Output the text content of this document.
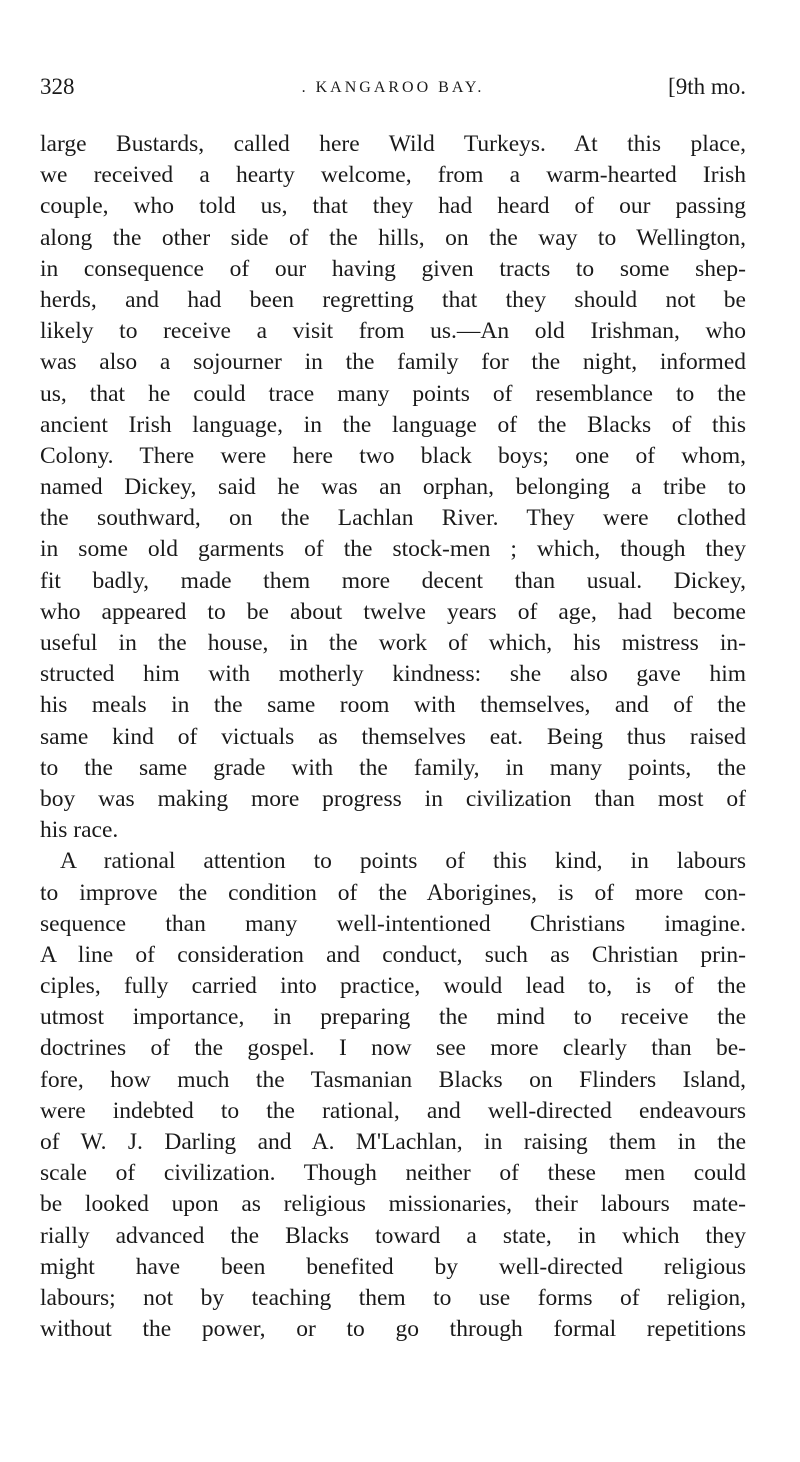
328	. KANGAROO BAY.	[9th mo.
large Bustards, called here Wild Turkeys. At this place,
we received a hearty welcome, from a warm-hearted Irish
couple, who told us, that they had heard of our passing
along the other side of the hills, on the way to Wellington,
in consequence of our having given tracts to some shep-
herds, and had been regretting that they should not be
likely to receive a visit from us.—An old Irishman, who
was also a sojourner in the family for the night, informed
us, that he could trace many points of resemblance to the
ancient Irish language, in the language of the Blacks of this
Colony. There were here two black boys; one of whom,
named Dickey, said he was an orphan, belonging a tribe to
the southward, on the Lachlan River. They were clothed
in some old garments of the stock-men ; which, though they
fit badly, made them more decent than usual. Dickey,
who appeared to be about twelve years of age, had become
useful in the house, in the work of which, his mistress in-
structed him with motherly kindness: she also gave him
his meals in the same room with themselves, and of the
same kind of victuals as themselves eat. Being thus raised
to the same grade with the family, in many points, the
boy was making more progress in civilization than most of
his race.
A rational attention to points of this kind, in labours
to improve the condition of the Aborigines, is of more con-
sequence than many well-intentioned Christians imagine.
A line of consideration and conduct, such as Christian prin-
ciples, fully carried into practice, would lead to, is of the
utmost importance, in preparing the mind to receive the
doctrines of the gospel. I now see more clearly than be-
fore, how much the Tasmanian Blacks on Flinders Island,
were indebted to the rational, and well-directed endeavours
of W. J. Darling and A. M'Lachlan, in raising them in the
scale of civilization. Though neither of these men could
be looked upon as religious missionaries, their labours mate-
rially advanced the Blacks toward a state, in which they
might have been benefited by well-directed religious
labours; not by teaching them to use forms of religion,
without the power, or to go through formal repetitions
